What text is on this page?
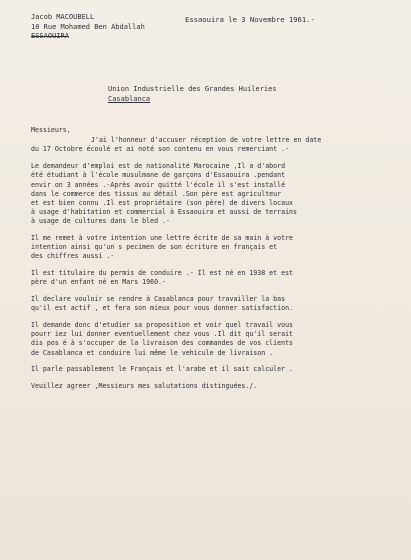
Jacob MACOUBELL
10 Rue Mohamed Ben Abdallah
ESSAOUIRA
Essaouira le 3 Novembre 1961.-
Union Industrielle des Grandes Huileries
Casablanca
Messieurs,
J'ai l'honneur d'accuser réception de votre lettre en date
du 17 Octobre écoulé et ai noté son contenu en vous remerciant .-
Le demandeur d'emploi est de nationalité Marocaine ,Il a d'abord
été étudiant à l'école musulmane de garçons d'Essaouira .pendant
envir on 3 années .-Après avoir quitté l'école il s'est installé
dans le commerce des tissus au détail .Son père est agriculteur
et est bien connu .Il est propriétaire (son père) de divers locaux
à usage d'habitation et commercial à Essaouira et aussi de terrains
à usage de cultures dans le bled .-
Il me remet à votre intention une lettre écrite de sa main à votre
intention ainsi qu'un s pecimen de son écriture en français et
des chiffres aussi .-
Il est titulaire du permis de conduire .- Il est né en 1938 et est
père d'un enfant né en Mars 1960.-
Il declare vouloir se rendre à Casablanca pour travailler la bas
qu'il est actif , et fera son mieux pour vous donner satisfaction.
Il demande donc d'etudier sa proposition et voir quel travail vous
pourr iez lui donner eventuellement chez vous .Il dit qu'il serait
dis pos é à s'occuper de la livraison des commandes de vos clients
de Casablanca et conduire lui même le vehicule de livraison .
Il parle passablement le Français et l'arabe et il sait calculer .
Veuillez agreer ,Messieurs mes salutations distinguées./.
